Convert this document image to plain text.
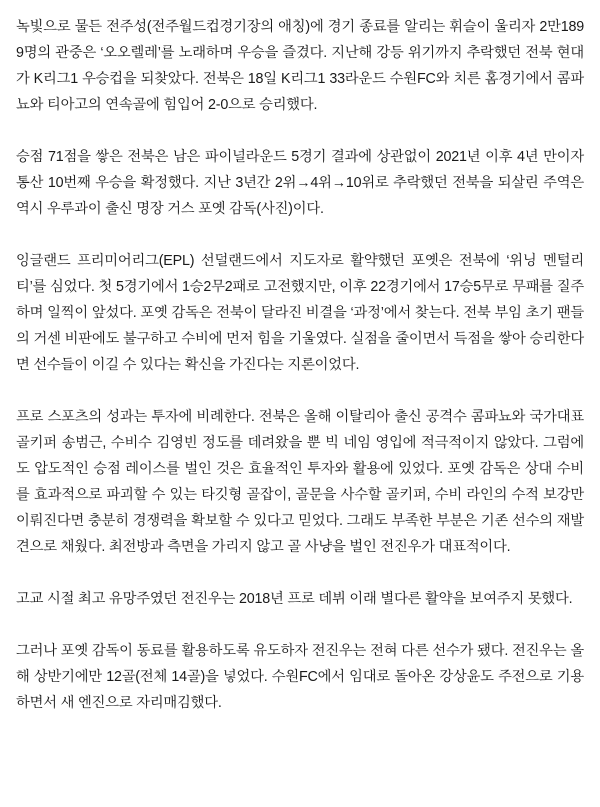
녹빛으로 물든 전주성(전주월드컵경기장의 애칭)에 경기 종료를 알리는 휘슬이 울리자 2만1899명의 관중은 ‘오오렐레’를 노래하며 우승을 즐겼다. 지난해 강등 위기까지 추락했던 전북 현대가 K리그1 우승컵을 되찾았다. 전북은 18일 K리그1 33라운드 수원FC와 치른 홈경기에서 콤파뇨와 티아고의 연속골에 힘입어 2-0으로 승리했다.

승점 71점을 쌓은 전북은 남은 파이널라운드 5경기 결과에 상관없이 2021년 이후 4년 만이자 통산 10번째 우승을 확정했다. 지난 3년간 2위→4위→10위로 추락했던 전북을 되살린 주역은 역시 우루과이 출신 명장 거스 포옛 감독(사진)이다.

잉글랜드 프리미어리그(EPL) 선덜랜드에서 지도자로 활약했던 포옛은 전북에 ‘위닝 멘털리티’를 심었다. 첫 5경기에서 1승2무2패로 고전했지만, 이후 22경기에서 17승5무로 무패를 질주하며 일찍이 앞섰다. 포옛 감독은 전북이 달라진 비결을 ‘과정’에서 찾는다. 전북 부임 초기 팬들의 거센 비판에도 불구하고 수비에 먼저 힘을 기울였다. 실점을 줄이면서 득점을 쌓아 승리한다면 선수들이 이길 수 있다는 확신을 가진다는 지론이었다.

프로 스포츠의 성과는 투자에 비례한다. 전북은 올해 이탈리아 출신 공격수 콤파뇨와 국가대표 골키퍼 송범근, 수비수 김영빈 정도를 데려왔을 뿐 빅 네임 영입에 적극적이지 않았다. 그럼에도 압도적인 승점 레이스를 벌인 것은 효율적인 투자와 활용에 있었다. 포옛 감독은 상대 수비를 효과적으로 파괴할 수 있는 타깃형 골잡이, 골문을 사수할 골키퍼, 수비 라인의 수적 보강만 이뤄진다면 충분히 경쟁력을 확보할 수 있다고 믿었다. 그래도 부족한 부분은 기존 선수의 재발견으로 채웠다. 최전방과 측면을 가리지 않고 골 사냥을 벌인 전진우가 대표적이다.

고교 시절 최고 유망주였던 전진우는 2018년 프로 데뷔 이래 별다른 활약을 보여주지 못했다.

그러나 포옛 감독이 동료를 활용하도록 유도하자 전진우는 전혀 다른 선수가 됐다. 전진우는 올해 상반기에만 12골(전체 14골)을 넣었다. 수원FC에서 임대로 돌아온 강상윤도 주전으로 기용하면서 새 엔진으로 자리매김했다.
